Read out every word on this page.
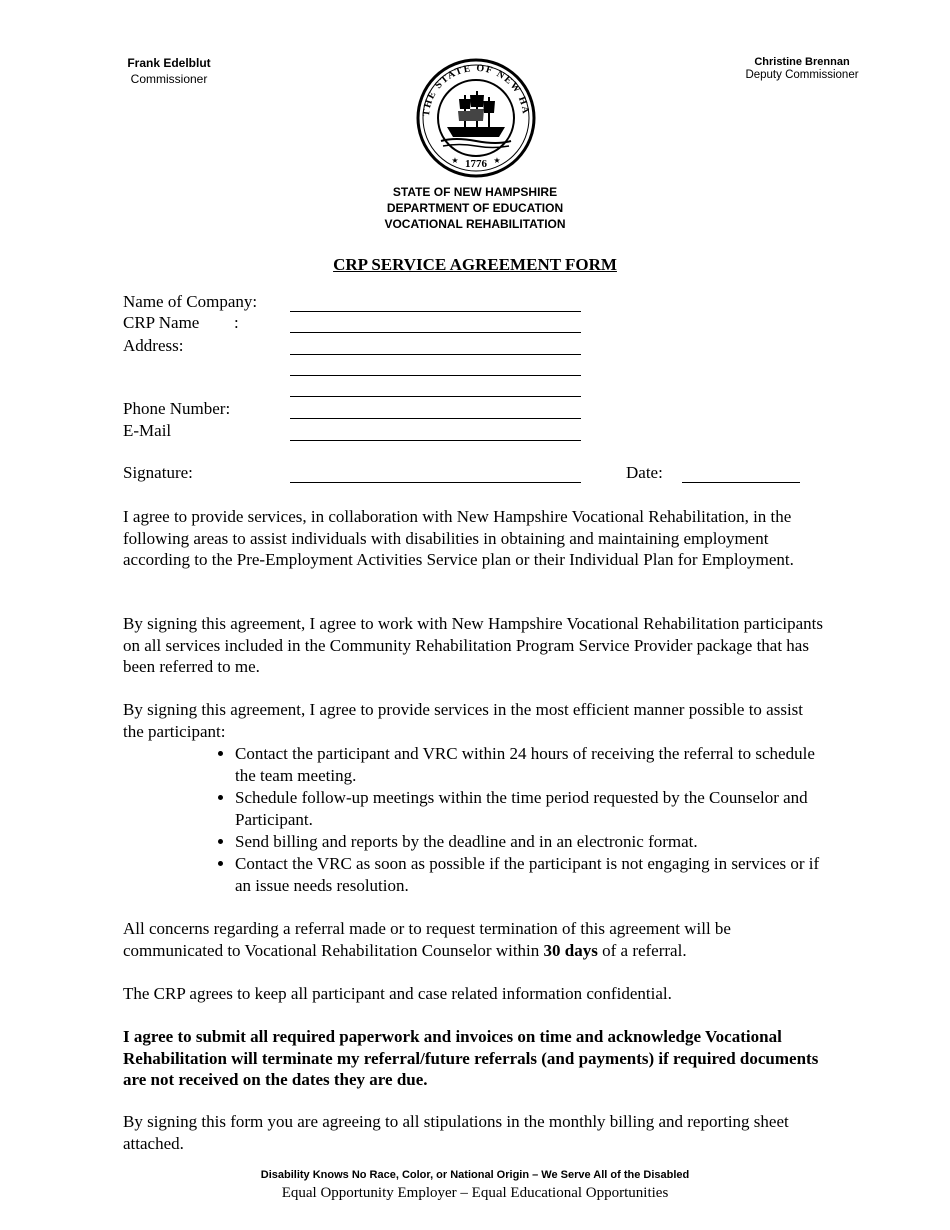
Frank Edelblut
Commissioner
Christine Brennan
Deputy Commissioner
THE STATE OF NEW HA
1776
★	★
STATE OF NEW HAMPSHIRE
DEPARTMENT OF EDUCATION
VOCATIONAL REHABILITATION
CRP SERVICE AGREEMENT FORM
Name of Company:
CRP Name :
Address:
Phone Number:
E-Mail
Signature:	Date:
I agree to provide services, in collaboration with New Hampshire Vocational Rehabilitation, in the following areas to assist individuals with disabilities in obtaining and maintaining employment according to the Pre-Employment Activities Service plan or their Individual Plan for Employment.
By signing this agreement, I agree to work with New Hampshire Vocational Rehabilitation participants on all services included in the Community Rehabilitation Program Service Provider package that has been referred to me.
By signing this agreement, I agree to provide services in the most efficient manner possible to assist the participant:
• Contact the participant and VRC within 24 hours of receiving the referral to schedule the team meeting.
• Schedule follow-up meetings within the time period requested by the Counselor and Participant.
• Send billing and reports by the deadline and in an electronic format.
• Contact the VRC as soon as possible if the participant is not engaging in services or if an issue needs resolution.
All concerns regarding a referral made or to request termination of this agreement will be communicated to Vocational Rehabilitation Counselor within 30 days of a referral.
The CRP agrees to keep all participant and case related information confidential.
I agree to submit all required paperwork and invoices on time and acknowledge Vocational Rehabilitation will terminate my referral/future referrals (and payments) if required documents are not received on the dates they are due.
By signing this form you are agreeing to all stipulations in the monthly billing and reporting sheet attached.
Disability Knows No Race, Color, or National Origin – We Serve All of the Disabled
Equal Opportunity Employer – Equal Educational Opportunities
